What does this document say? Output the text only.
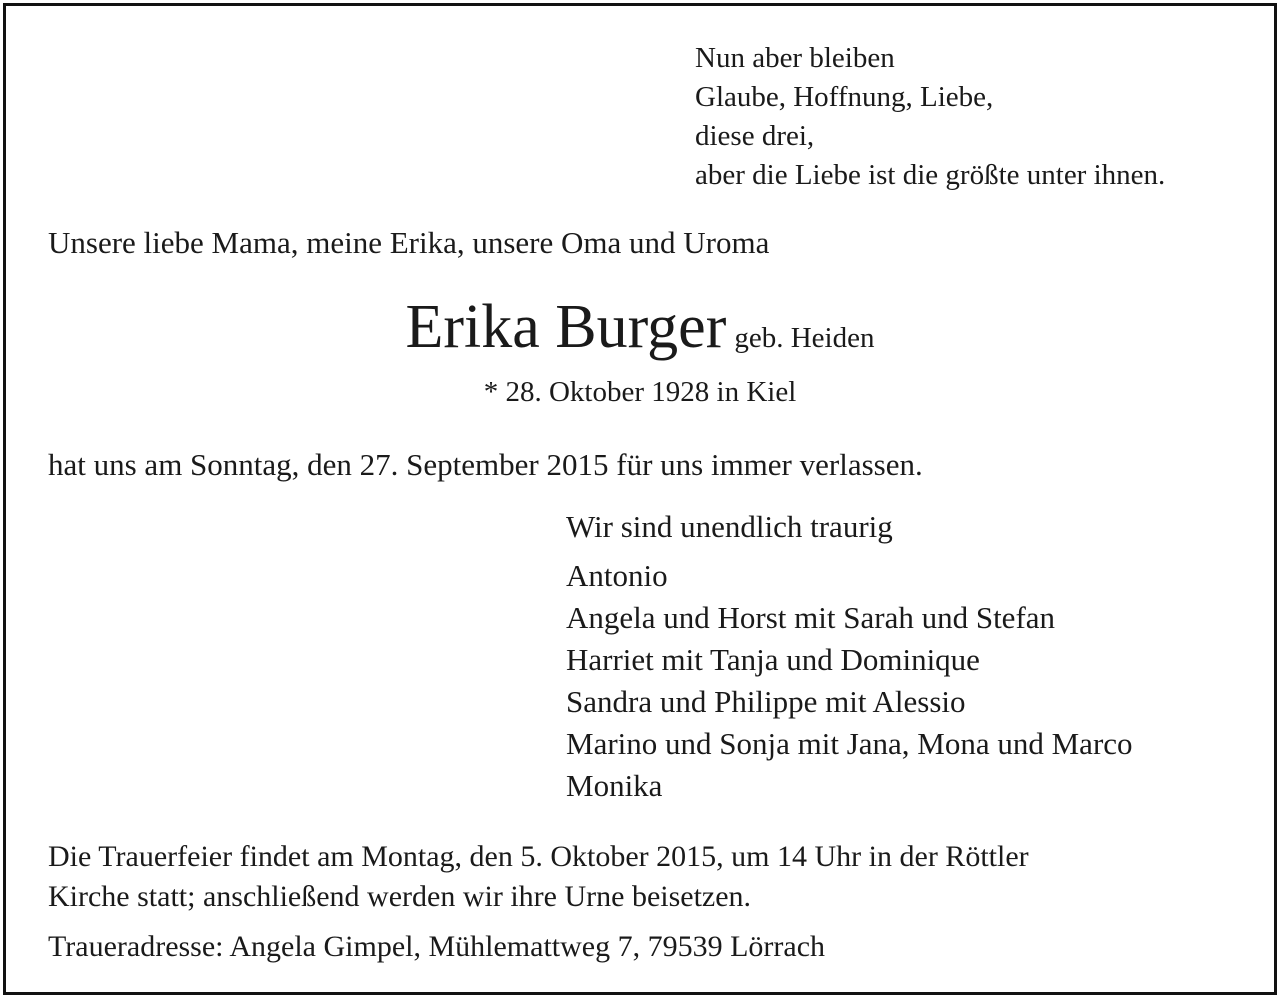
Nun aber bleiben
Glaube, Hoffnung, Liebe,
diese drei,
aber die Liebe ist die größte unter ihnen.
Unsere liebe Mama, meine Erika, unsere Oma und Uroma
Erika Burger geb. Heiden
* 28. Oktober 1928 in Kiel
hat uns am Sonntag, den 27. September 2015 für uns immer verlassen.
Wir sind unendlich traurig
Antonio
Angela und Horst mit Sarah und Stefan
Harriet mit Tanja und Dominique
Sandra und Philippe mit Alessio
Marino und Sonja mit Jana, Mona und Marco
Monika
Die Trauerfeier findet am Montag, den 5. Oktober 2015, um 14 Uhr in der Röttler
Kirche statt; anschließend werden wir ihre Urne beisetzen.
Traueradresse: Angela Gimpel, Mühlemattweg 7, 79539 Lörrach
